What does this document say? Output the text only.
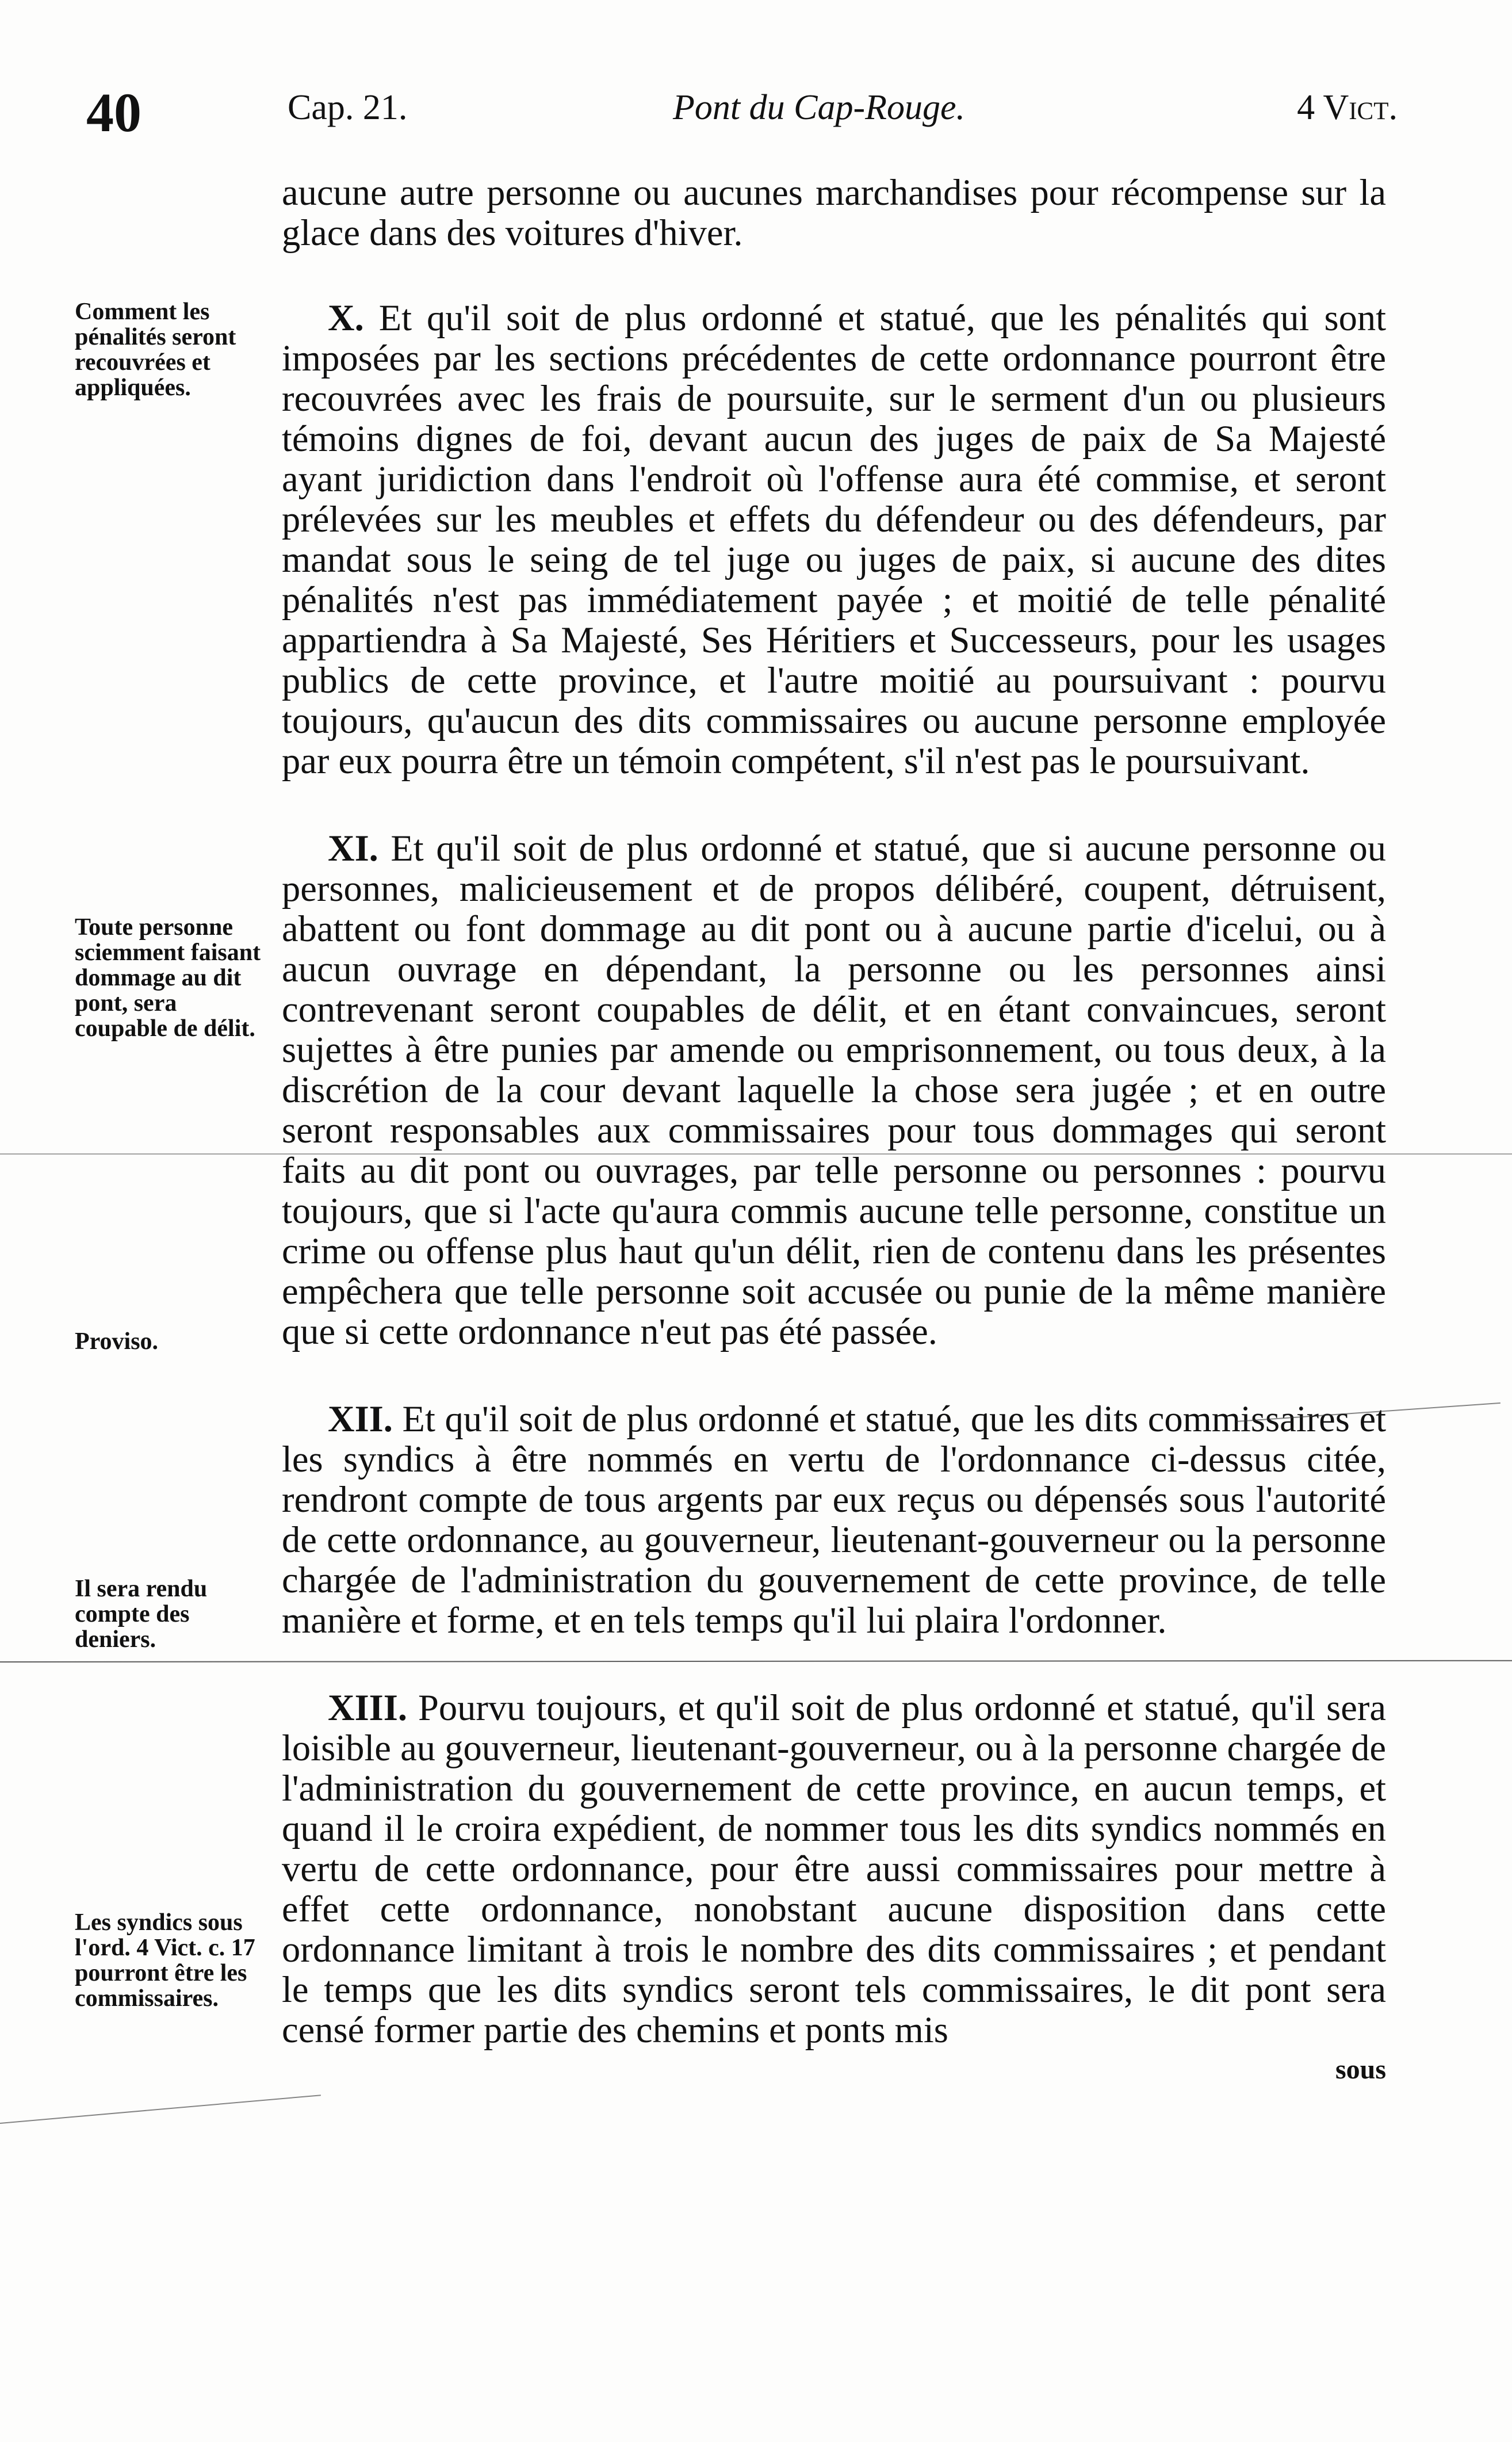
40	Cap. 21.	Pont du Cap-Rouge.	4 Vict.

aucune autre personne ou aucunes marchandises pour récompense sur la glace dans des voitures d'hiver.

X. Et qu'il soit de plus ordonné et statué, que les pénalités qui sont imposées par les sections précédentes de cette ordonnance pourront être recouvrées avec les frais de poursuite, sur le serment d'un ou plusieurs témoins dignes de foi, devant aucun des juges de paix de Sa Majesté ayant juridiction dans l'endroit où l'offense aura été commise, et seront prélevées sur les meubles et effets du défendeur ou des défendeurs, par mandat sous le seing de tel juge ou juges de paix, si aucune des dites pénalités n'est pas immédiatement payée ; et moitié de telle pénalité appartiendra à Sa Majesté, Ses Héritiers et Successeurs, pour les usages publics de cette province, et l'autre moitié au poursuivant : pourvu toujours, qu'aucun des dits commissaires ou aucune personne employée par eux pourra être un témoin compétent, s'il n'est pas le poursuivant.

XI. Et qu'il soit de plus ordonné et statué, que si aucune personne ou personnes, malicieusement et de propos délibéré, coupent, détruisent, abattent ou font dommage au dit pont ou à aucune partie d'icelui, ou à aucun ouvrage en dépendant, la personne ou les personnes ainsi contrevenant seront coupables de délit, et en étant convaincues, seront sujettes à être punies par amende ou emprisonnement, ou tous deux, à la discrétion de la cour devant laquelle la chose sera jugée ; et en outre seront responsables aux commissaires pour tous dommages qui seront faits au dit pont ou ouvrages, par telle personne ou personnes : pourvu toujours, que si l'acte qu'aura commis aucune telle personne, constitue un crime ou offense plus haut qu'un délit, rien de contenu dans les présentes empêchera que telle personne soit accusée ou punie de la même manière que si cette ordonnance n'eut pas été passée.

XII. Et qu'il soit de plus ordonné et statué, que les dits commissaires et les syndics à être nommés en vertu de l'ordonnance ci-dessus citée, rendront compte de tous argents par eux reçus ou dépensés sous l'autorité de cette ordonnance, au gouverneur, lieutenant-gouverneur ou la personne chargée de l'administration du gouvernement de cette province, de telle manière et forme, et en tels temps qu'il lui plaira l'ordonner.

XIII. Pourvu toujours, et qu'il soit de plus ordonné et statué, qu'il sera loisible au gouverneur, lieutenant-gouverneur, ou à la personne chargée de l'administration du gouvernement de cette province, en aucun temps, et quand il le croira expédient, de nommer tous les dits syndics nommés en vertu de cette ordonnance, pour être aussi commissaires pour mettre à effet cette ordonnance, nonobstant aucune disposition dans cette ordonnance limitant à trois le nombre des dits commissaires ; et pendant le temps que les dits syndics seront tels commissaires, le dit pont sera censé former partie des chemins et ponts mis

sous
Comment les pénalités seront recouvrées et appliquées.
Toute personne sciemment faisant dommage au dit pont, sera coupable de délit.
Proviso.
Il sera rendu compte des deniers.
Les syndics sous l'ord. 4 Vict. c. 17 pourront être les commissaires.
